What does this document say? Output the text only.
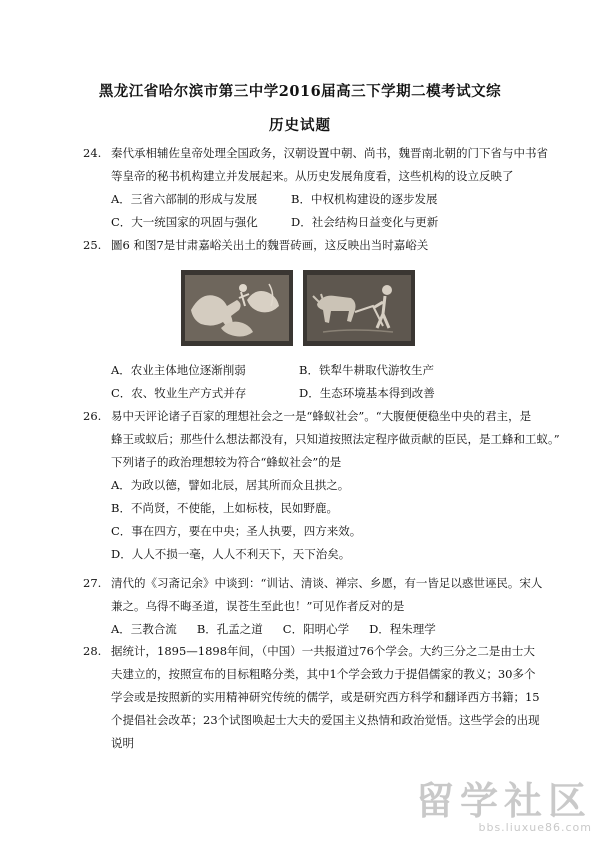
黑龙江省哈尔滨市第三中学2016届高三下学期二模考试文综
历史试题
24. 秦代承相辅佐皇帝处理全国政务，汉朝设置中朝、尚书，魏晋南北朝的门下省与中书省
等皇帝的秘书机构建立并发展起来。从历史发展角度看，这些机构的设立反映了
A．三省六部制的形成与发展	B．中权机构建设的逐步发展
C．大一统国家的巩固与强化	D．社会结构日益变化与更新
25. 圖6 和图7是甘肃嘉峪关出土的魏晋砖画，这反映出当时嘉峪关
A．农业主体地位逐渐削弱	B．铁犁牛耕取代游牧生产
C．农、牧业生产方式并存	D．生态环境基本得到改善
26. 易中天评论诸子百家的理想社会之一是“蜂蚁社会”。“大腹便便稳坐中央的君主，是
蜂王或蚁后；那些什么想法都没有，只知道按照法定程序做贡献的臣民，是工蜂和工蚁。”
下列诸子的政治理想较为符合“蜂蚁社会”的是
A．为政以德，譬如北辰，居其所而众且拱之。
B．不尚贤，不使能，上如标枝，民如野鹿。
C．事在四方，要在中央；圣人执要，四方来效。
D．人人不损一毫，人人不利天下，天下治矣。
27. 清代的《习斋记余》中谈到：“训诂、清谈、禅宗、乡愿，有一皆足以惑世诬民。宋人
兼之。乌得不晦圣道，误苍生至此也！”可见作者反对的是
A．三教合流 B．孔孟之道 C．阳明心学 D．程朱理学
28. 据统计，1895—1898年间，（中国）一共报道过76个学会。大约三分之二是由士大
夫建立的，按照宣布的目标粗略分类，其中1个学会致力于提倡儒家的教义；30多个
学会或是按照新的实用精神研究传统的儒学，或是研究西方科学和翻译西方书籍；15
个提倡社会改革；23个试图唤起士大夫的爱国主义热情和政治觉悟。这些学会的出现
说明
留学社区
bbs.liuxue86.com
